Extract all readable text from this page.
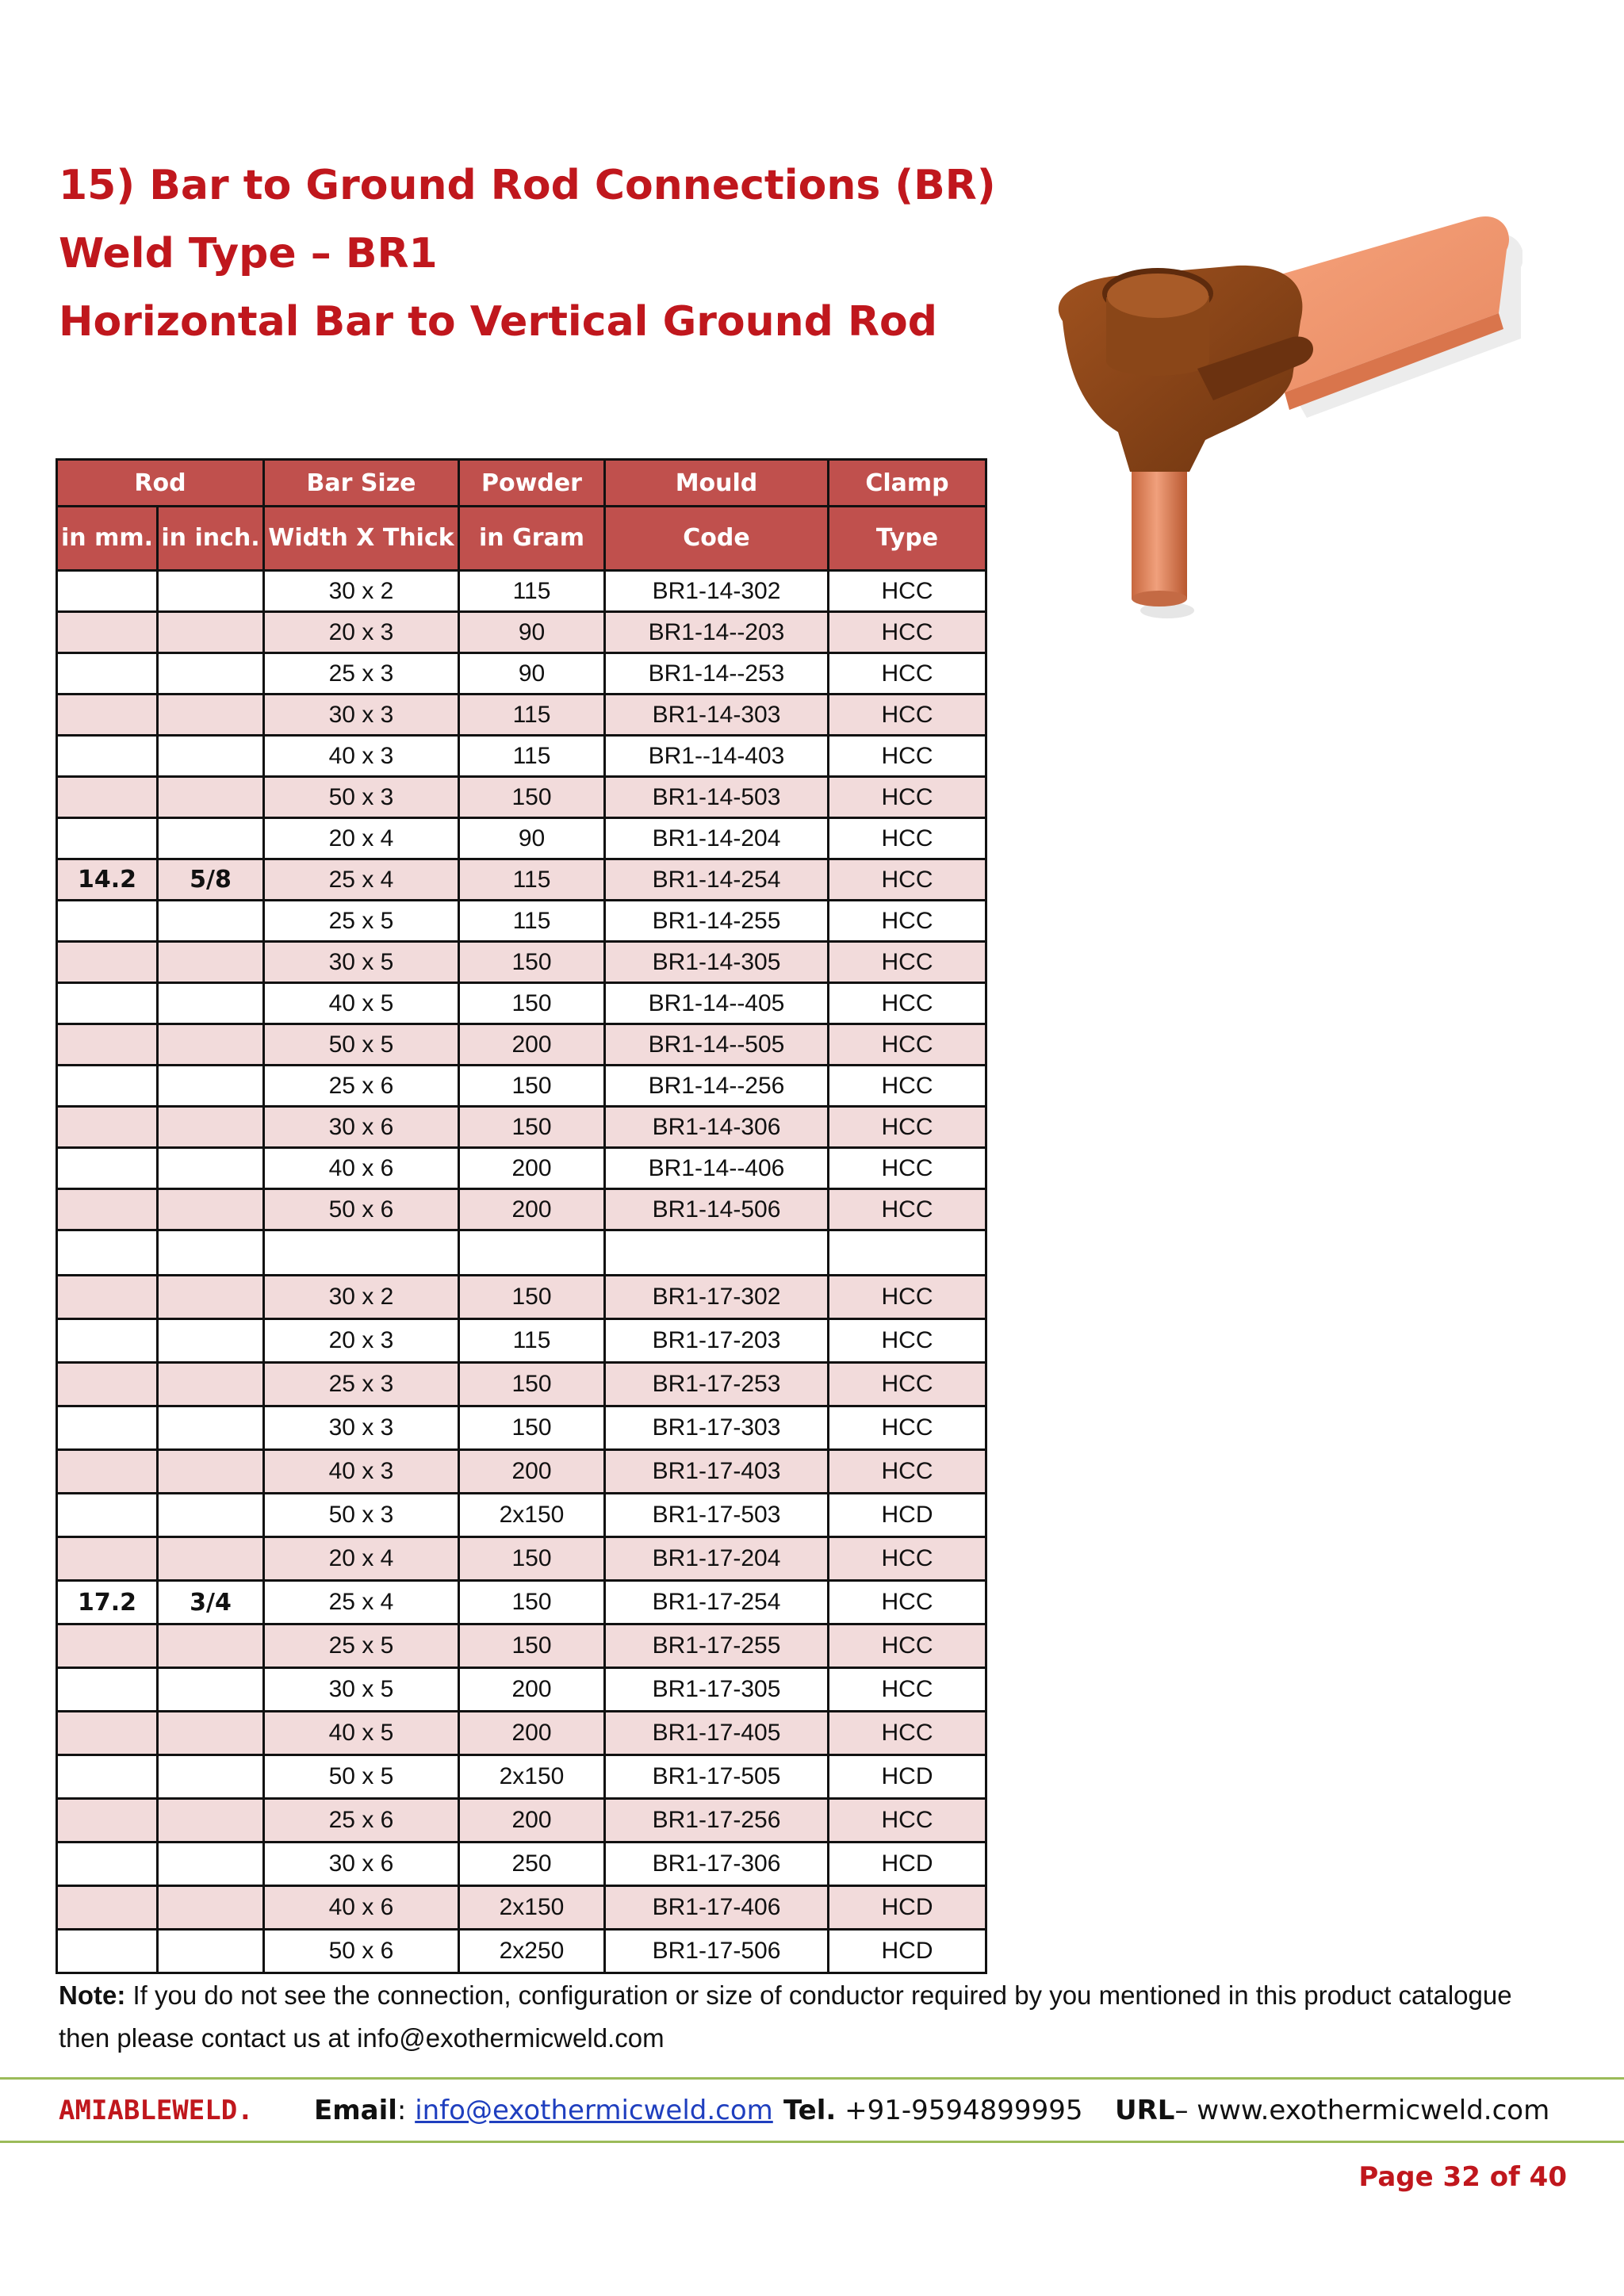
15) Bar to Ground Rod Connections (BR)
Weld Type – BR1
Horizontal Bar to Vertical Ground Rod
Rod		Bar Size	Powder	Mould	Clamp
in mm.	in inch.	Width X Thick	in Gram	Code	Type
		30 x 2	115	BR1-14-302	HCC
		20 x 3	90	BR1-14--203	HCC
		25 x 3	90	BR1-14--253	HCC
		30 x 3	115	BR1-14-303	HCC
		40 x 3	115	BR1--14-403	HCC
		50 x 3	150	BR1-14-503	HCC
		20 x 4	90	BR1-14-204	HCC
14.2	5/8	25 x 4	115	BR1-14-254	HCC
		25 x 5	115	BR1-14-255	HCC
		30 x 5	150	BR1-14-305	HCC
		40 x 5	150	BR1-14--405	HCC
		50 x 5	200	BR1-14--505	HCC
		25 x 6	150	BR1-14--256	HCC
		30 x 6	150	BR1-14-306	HCC
		40 x 6	200	BR1-14--406	HCC
		50 x 6	200	BR1-14-506	HCC

		30 x 2	150	BR1-17-302	HCC
		20 x 3	115	BR1-17-203	HCC
		25 x 3	150	BR1-17-253	HCC
		30 x 3	150	BR1-17-303	HCC
		40 x 3	200	BR1-17-403	HCC
		50 x 3	2x150	BR1-17-503	HCD
		20 x 4	150	BR1-17-204	HCC
17.2	3/4	25 x 4	150	BR1-17-254	HCC
		25 x 5	150	BR1-17-255	HCC
		30 x 5	200	BR1-17-305	HCC
		40 x 5	200	BR1-17-405	HCC
		50 x 5	2x150	BR1-17-505	HCD
		25 x 6	200	BR1-17-256	HCC
		30 x 6	250	BR1-17-306	HCD
		40 x 6	2x150	BR1-17-406	HCD
		50 x 6	2x250	BR1-17-506	HCD
Note: If you do not see the connection, configuration or size of conductor required by you mentioned in this product catalogue then please contact us at info@exothermicweld.com
AMIABLEWELD. Email: info@exothermicweld.com Tel. +91-9594899995 URL– www.exothermicweld.com
Page 32 of 40
